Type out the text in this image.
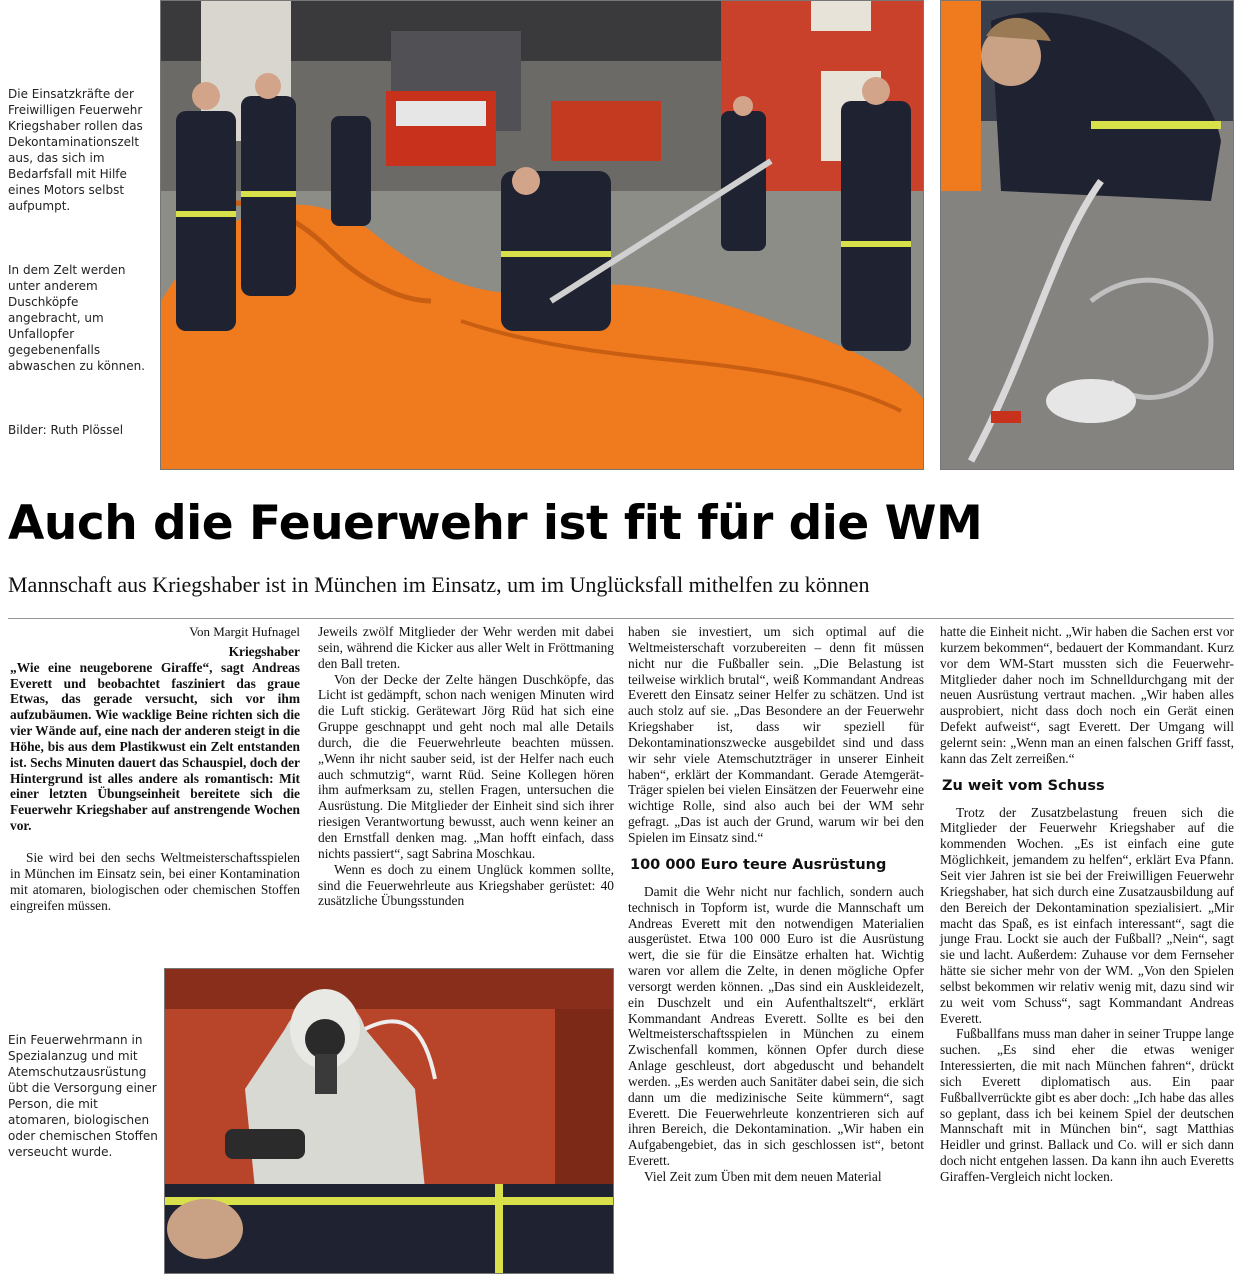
Die Einsatzkräfte der Freiwilligen Feuerwehr Kriegshaber rollen das Dekontaminationszelt aus, das sich im Bedarfsfall mit Hilfe eines Motors selbst aufpumpt.

In dem Zelt werden unter anderem Duschköpfe angebracht, um Unfallopfer gegebenenfalls abwaschen zu können.

Bilder: Ruth Plössel

Auch die Feuerwehr ist fit für die WM
Mannschaft aus Kriegshaber ist in München im Einsatz, um im Unglücksfall mithelfen zu können
Von Margit Hufnagel
Kriegshaber

„Wie eine neugeborene Giraffe“, sagt Andreas Everett und beobachtet fasziniert das graue Etwas, das gerade versucht, sich vor ihm aufzubäumen. Wie wacklige Beine richten sich die vier Wände auf, eine nach der anderen steigt in die Höhe, bis aus dem Plastikwust ein Zelt entstanden ist. Sechs Minuten dauert das Schauspiel, doch der Hintergrund ist alles andere als romantisch: Mit einer letzten Übungseinheit bereitete sich die Feuerwehr Kriegshaber auf anstrengende Wochen vor.

Sie wird bei den sechs Weltmeisterschaftsspielen in München im Einsatz sein, bei einer Kontamination mit atomaren, biologischen oder chemischen Stoffen eingreifen müssen.

Jeweils zwölf Mitglieder der Wehr werden mit dabei sein, während die Kicker aus aller Welt in Fröttmaning den Ball treten.

Von der Decke der Zelte hängen Duschköpfe, das Licht ist gedämpft, schon nach wenigen Minuten wird die Luft stickig. Gerätewart Jörg Rüd hat sich eine Gruppe geschnappt und geht noch mal alle Details durch, die die Feuerwehrleute beachten müssen. „Wenn ihr nicht sauber seid, ist der Helfer nach euch auch schmutzig“, warnt Rüd. Seine Kollegen hören ihm aufmerksam zu, stellen Fragen, untersuchen die Ausrüstung. Die Mitglieder der Einheit sind sich ihrer riesigen Verantwortung bewusst, auch wenn keiner an den Ernstfall denken mag. „Man hofft einfach, dass nichts passiert“, sagt Sabrina Moschkau.

Wenn es doch zu einem Unglück kommen sollte, sind die Feuerwehrleute aus Kriegshaber gerüstet: 40 zusätzliche Übungsstunden

haben sie investiert, um sich optimal auf die Weltmeisterschaft vorzubereiten – denn fit müssen nicht nur die Fußballer sein. „Die Belastung ist teilweise wirklich brutal“, weiß Kommandant Andreas Everett den Einsatz seiner Helfer zu schätzen. Und ist auch stolz auf sie. „Das Besondere an der Feuerwehr Kriegshaber ist, dass wir speziell für Dekontaminationszwecke ausgebildet sind und dass wir sehr viele Atemschutzträger in unserer Einheit haben“, erklärt der Kommandant. Gerade Atemgerät-Träger spielen bei vielen Einsätzen der Feuerwehr eine wichtige Rolle, sind also auch bei der WM sehr gefragt. „Das ist auch der Grund, warum wir bei den Spielen im Einsatz sind.“

100 000 Euro teure Ausrüstung

Damit die Wehr nicht nur fachlich, sondern auch technisch in Topform ist, wurde die Mannschaft um Andreas Everett mit den notwendigen Materialien ausgerüstet. Etwa 100 000 Euro ist die Ausrüstung wert, die sie für die Einsätze erhalten hat. Wichtig waren vor allem die Zelte, in denen mögliche Opfer versorgt werden können. „Das sind ein Auskleidezelt, ein Duschzelt und ein Aufenthaltszelt“, erklärt Kommandant Andreas Everett. Sollte es bei den Weltmeisterschaftsspielen in München zu einem Zwischenfall kommen, können Opfer durch diese Anlage geschleust, dort abgeduscht und behandelt werden. „Es werden auch Sanitäter dabei sein, die sich dann um die medizinische Seite kümmern“, sagt Everett. Die Feuerwehrleute konzentrieren sich auf ihren Bereich, die Dekontamination. „Wir haben ein Aufgabengebiet, das in sich geschlossen ist“, betont Everett.

Viel Zeit zum Üben mit dem neuen Material

hatte die Einheit nicht. „Wir haben die Sachen erst vor kurzem bekommen“, bedauert der Kommandant. Kurz vor dem WM-Start mussten sich die Feuerwehr-Mitglieder daher noch im Schnelldurchgang mit der neuen Ausrüstung vertraut machen. „Wir haben alles ausprobiert, nicht dass doch noch ein Gerät einen Defekt aufweist“, sagt Everett. Der Umgang will gelernt sein: „Wenn man an einen falschen Griff fasst, kann das Zelt zerreißen.“

Zu weit vom Schuss

Trotz der Zusatzbelastung freuen sich die Mitglieder der Feuerwehr Kriegshaber auf die kommenden Wochen. „Es ist einfach eine gute Möglichkeit, jemandem zu helfen“, erklärt Eva Pfann. Seit vier Jahren ist sie bei der Freiwilligen Feuerwehr Kriegshaber, hat sich durch eine Zusatzausbildung auf den Bereich der Dekontamination spezialisiert. „Mir macht das Spaß, es ist einfach interessant“, sagt die junge Frau. Lockt sie auch der Fußball? „Nein“, sagt sie und lacht. Außerdem: Zuhause vor dem Fernseher hätte sie sicher mehr von der WM. „Von den Spielen selbst bekommen wir relativ wenig mit, dazu sind wir zu weit vom Schuss“, sagt Kommandant Andreas Everett.

Fußballfans muss man daher in seiner Truppe lange suchen. „Es sind eher die etwas weniger Interessierten, die mit nach München fahren“, drückt sich Everett diplomatisch aus. Ein paar Fußballverrückte gibt es aber doch: „Ich habe das alles so geplant, dass ich bei keinem Spiel der deutschen Mannschaft mit in München bin“, sagt Matthias Heidler und grinst. Ballack und Co. will er sich dann doch nicht entgehen lassen. Da kann ihn auch Everetts Giraffen-Vergleich nicht locken.

Ein Feuerwehrmann in Spezialanzug und mit Atemschutzausrüstung übt die Versorgung einer Person, die mit atomaren, biologischen oder chemischen Stoffen verseucht wurde.
